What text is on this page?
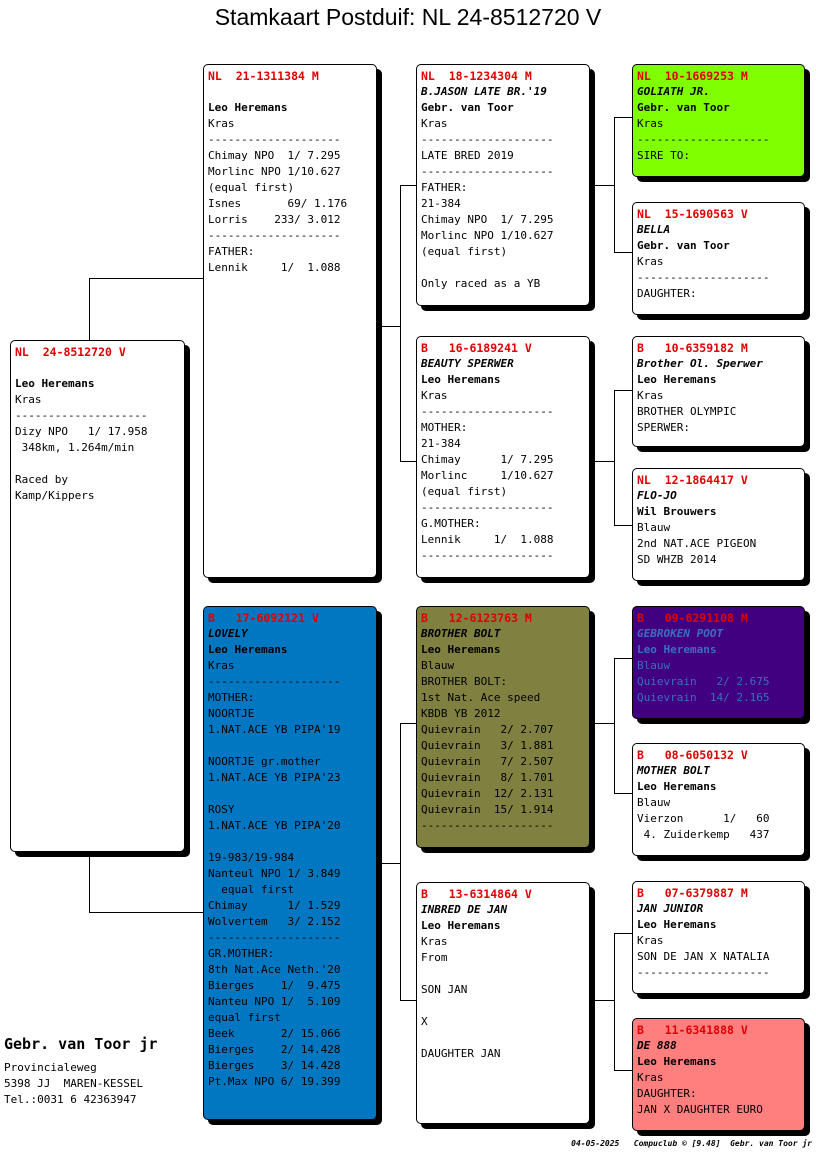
Stamkaart Postduif: NL 24-8512720 V
NL  24-8512720 V
Leo Heremans
Kras
--------------------
Dizy NPO   1/ 17.958
348km, 1.264m/min
Raced by
Kamp/Kippers
NL  21-1311384 M
Leo Heremans
Kras
--------------------
Chimay NPO  1/ 7.295
Morlinc NPO 1/10.627
(equal first)
Isnes       69/ 1.176
Lorris    233/ 3.012
--------------------
FATHER:
Lennik     1/  1.088
B   17-6092121 V
LOVELY
Leo Heremans
Kras
--------------------
MOTHER:
NOORTJE
1.NAT.ACE YB PIPA'19
NOORTJE gr.mother
1.NAT.ACE YB PIPA'23
ROSY
1.NAT.ACE YB PIPA'20
19-983/19-984
Nanteul NPO 1/ 3.849
equal first
Chimay      1/ 1.529
Wolvertem   3/ 2.152
--------------------
GR.MOTHER:
8th Nat.Ace Neth.'20
Bierges    1/  9.475
Nanteu NPO 1/  5.109
equal first
Beek       2/ 15.066
Bierges    2/ 14.428
Bierges    3/ 14.428
Pt.Max NPO 6/ 19.399
NL  18-1234304 M
B.JASON LATE BR.'19
Gebr. van Toor
Kras
--------------------
LATE BRED 2019
--------------------
FATHER:
21-384
Chimay NPO  1/ 7.295
Morlinc NPO 1/10.627
(equal first)
Only raced as a YB
B   16-6189241 V
BEAUTY SPERWER
Leo Heremans
Kras
--------------------
MOTHER:
21-384
Chimay      1/ 7.295
Morlinc     1/10.627
(equal first)
--------------------
G.MOTHER:
Lennik     1/  1.088
--------------------
B   12-6123763 M
BROTHER BOLT
Leo Heremans
Blauw
BROTHER BOLT:
1st Nat. Ace speed
KBDB YB 2012
Quievrain   2/ 2.707
Quievrain   3/ 1.881
Quievrain   7/ 2.507
Quievrain   8/ 1.701
Quievrain  12/ 2.131
Quievrain  15/ 1.914
--------------------
B   13-6314864 V
INBRED DE JAN
Leo Heremans
Kras
From
SON JAN
X
DAUGHTER JAN
NL  10-1669253 M
GOLIATH JR.
Gebr. van Toor
Kras
--------------------
SIRE TO:
NL  15-1690563 V
BELLA
Gebr. van Toor
Kras
--------------------
DAUGHTER:
B   10-6359182 M
Brother Ol. Sperwer
Leo Heremans
Kras
BROTHER OLYMPIC
SPERWER:
NL  12-1864417 V
FLO-JO
Wil Brouwers
Blauw
2nd NAT.ACE PIGEON
SD WHZB 2014
B   09-6291108 M
GEBROKEN POOT
Leo Heremans
Blauw
Quievrain   2/ 2.675
Quievrain  14/ 2.165
B   08-6050132 V
MOTHER BOLT
Leo Heremans
Blauw
Vierzon      1/   60
4. Zuiderkemp   437
B   07-6379887 M
JAN JUNIOR
Leo Heremans
Kras
SON DE JAN X NATALIA
--------------------
B   11-6341888 V
DE 888
Leo Heremans
Kras
DAUGHTER:
JAN X DAUGHTER EURO
Gebr. van Toor jr
Provincialeweg
5398 JJ  MAREN-KESSEL
Tel.:0031 6 42363947
04-05-2025   Compuclub © [9.48]  Gebr. van Toor jr
